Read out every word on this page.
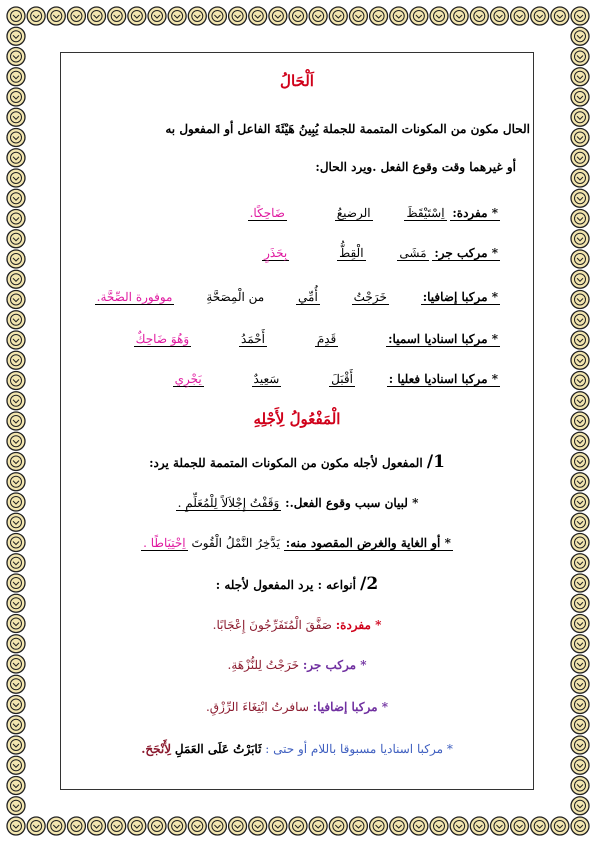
اَلْحَالُ
الحال مكون من المكونات المتممة للجملة يُبِينُ هَيْئَةَ الفاعل أو المفعول به
أو غيرهما وقت وقوع الفعل .ويرد الحال:
* مفردة: اِسْتَيْقَظَ الرضيعُ ضَاحِكًا.
* مركب جر: مَشَى الْقِطُّ بِحَذَرٍ
* مركبا إضافيا: خَرَجْتُ أُمِّي من الْمِصَحَّةِ موفورة الصِّحَّة.
* مركبا اسناديا اسميا: قَدِمَ أَحْمَدُ وَهُوَ ضَاحِكٌ
* مركبا اسناديا فعليا : أَقْبَلَ سَعِيدٌ يَجْرِي
الْمَفْعُولُ لِأَجْلِهِ
1/ المفعول لأجله مكون من المكونات المتممة للجملة يرد:
* لبيان سبب وقوع الفعل.: وَقَفْتُ إِجْلاَلاً لِلْمُعَلِّمِ .
* أو الغاية والغرض المقصود منه: يَدَّخِرُ النَّمْلُ الْقُوتَ اِحْتِيَاطًا .
2/ أنواعه : يرد المفعول لأجله :
* مفردة: صَفَّقَ الْمُتَفَرِّجُونَ إِعْجَابًا.
* مركب جر: خَرَجْتُ لِلنُّزْهَةِ.
* مركبا إضافيا: سافرتُ ابْتِغَاءَ الرِّزْقِ.
* مركبا اسناديا مسبوقا باللام أو حتى : ثَابَرْتُ عَلَى العَمَلِ لِأَنْجَحَ.
